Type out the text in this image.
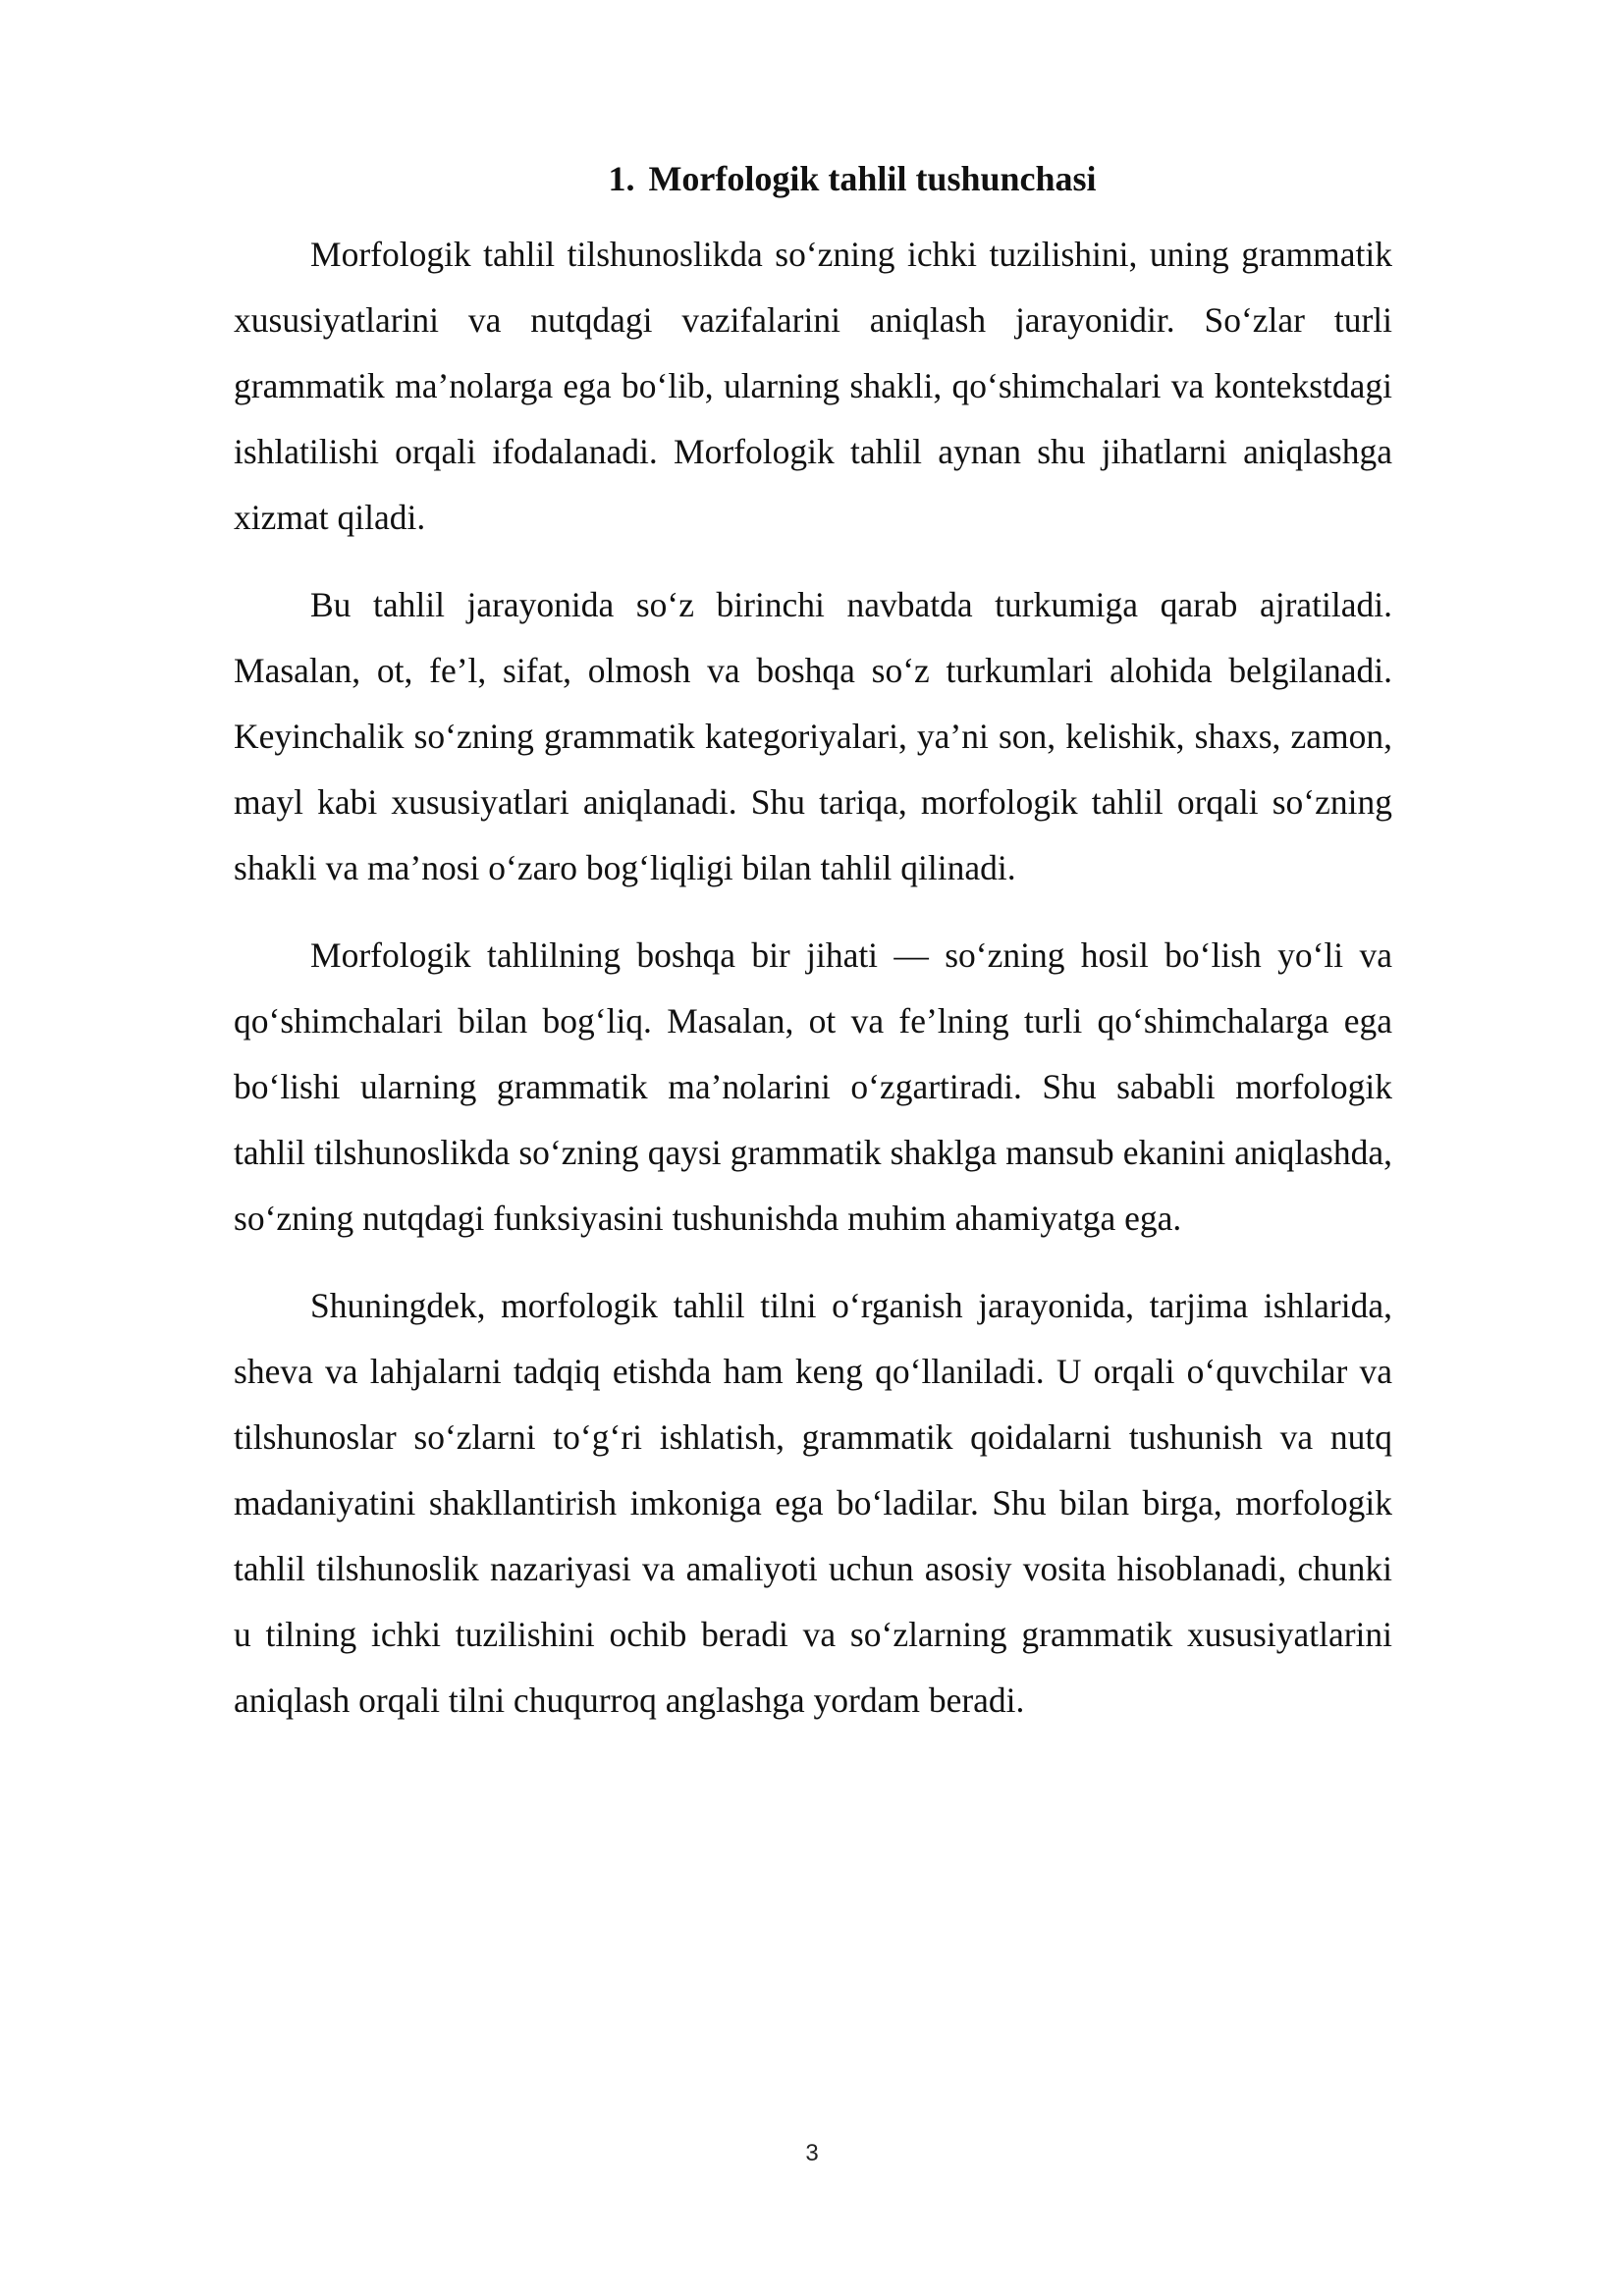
1. Morfologik tahlil tushunchasi

Morfologik tahlil tilshunoslikda so‘zning ichki tuzilishini, uning grammatik xususiyatlarini va nutqdagi vazifalarini aniqlash jarayonidir. So‘zlar turli grammatik ma’nolarga ega bo‘lib, ularning shakli, qo‘shimchalari va kontekstdagi ishlatilishi orqali ifodalanadi. Morfologik tahlil aynan shu jihatlarni aniqlashga xizmat qiladi.

Bu tahlil jarayonida so‘z birinchi navbatda turkumiga qarab ajratiladi. Masalan, ot, fe’l, sifat, olmosh va boshqa so‘z turkumlari alohida belgilanadi. Keyinchalik so‘zning grammatik kategoriyalari, ya’ni son, kelishik, shaxs, zamon, mayl kabi xususiyatlari aniqlanadi. Shu tariqa, morfologik tahlil orqali so‘zning shakli va ma’nosi o‘zaro bog‘liqligi bilan tahlil qilinadi.

Morfologik tahlilning boshqa bir jihati — so‘zning hosil bo‘lish yo‘li va qo‘shimchalari bilan bog‘liq. Masalan, ot va fe’lning turli qo‘shimchalarga ega bo‘lishi ularning grammatik ma’nolarini o‘zgartiradi. Shu sababli morfologik tahlil tilshunoslikda so‘zning qaysi grammatik shaklga mansub ekanini aniqlashda, so‘zning nutqdagi funksiyasini tushunishda muhim ahamiyatga ega.

Shuningdek, morfologik tahlil tilni o‘rganish jarayonida, tarjima ishlarida, sheva va lahjalarni tadqiq etishda ham keng qo‘llaniladi. U orqali o‘quvchilar va tilshunoslar so‘zlarni to‘g‘ri ishlatish, grammatik qoidalarni tushunish va nutq madaniyatini shakllantirish imkoniga ega bo‘ladilar. Shu bilan birga, morfologik tahlil tilshunoslik nazariyasi va amaliyoti uchun asosiy vosita hisoblanadi, chunki u tilning ichki tuzilishini ochib beradi va so‘zlarning grammatik xususiyatlarini aniqlash orqali tilni chuqurroq anglashga yordam beradi.

3
